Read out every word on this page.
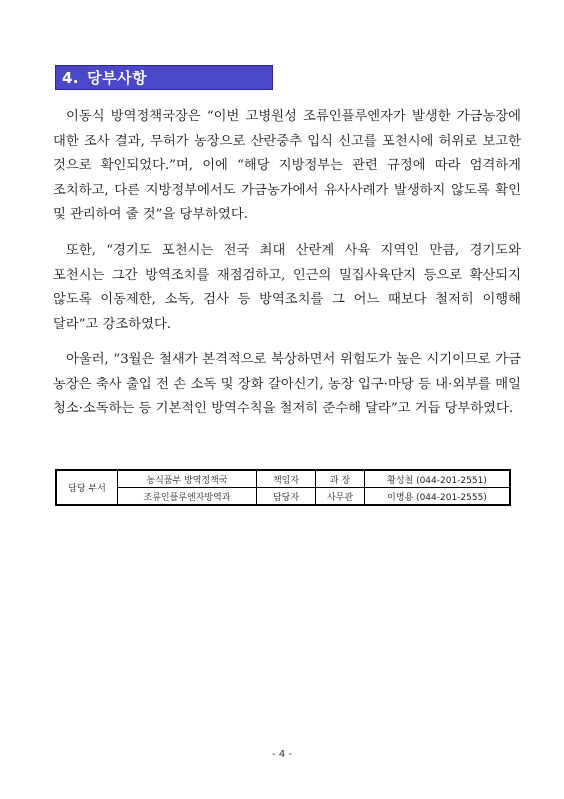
4. 당부사항

이동식 방역정책국장은 “이번 고병원성 조류인플루엔자가 발생한 가금농장에 대한 조사 결과, 무허가 농장으로 산란중추 입식 신고를 포천시에 허위로 보고한 것으로 확인되었다.”며, 이에 “해당 지방정부는 관련 규정에 따라 엄격하게 조치하고, 다른 지방정부에서도 가금농가에서 유사사례가 발생하지 않도록 확인 및 관리하여 줄 것”을 당부하였다.

또한, “경기도 포천시는 전국 최대 산란계 사육 지역인 만큼, 경기도와 포천시는 그간 방역조치를 재점검하고, 인근의 밀집사육단지 등으로 확산되지 않도록 이동제한, 소독, 검사 등 방역조치를 그 어느 때보다 철저히 이행해 달라”고 강조하였다.

아울러, “3월은 철새가 본격적으로 북상하면서 위험도가 높은 시기이므로 가금 농장은 축사 출입 전 손 소독 및 장화 갈아신기, 농장 입구·마당 등 내·외부를 매일 청소·소독하는 등 기본적인 방역수칙을 철저히 준수해 달라”고 거듭 당부하였다.

담당 부서	농식품부 방역정책국	책임자	과 장	황성철 (044-201-2551)
	조류인플루엔자방역과	담당자	사무관	이병용 (044-201-2555)
- 4 -
